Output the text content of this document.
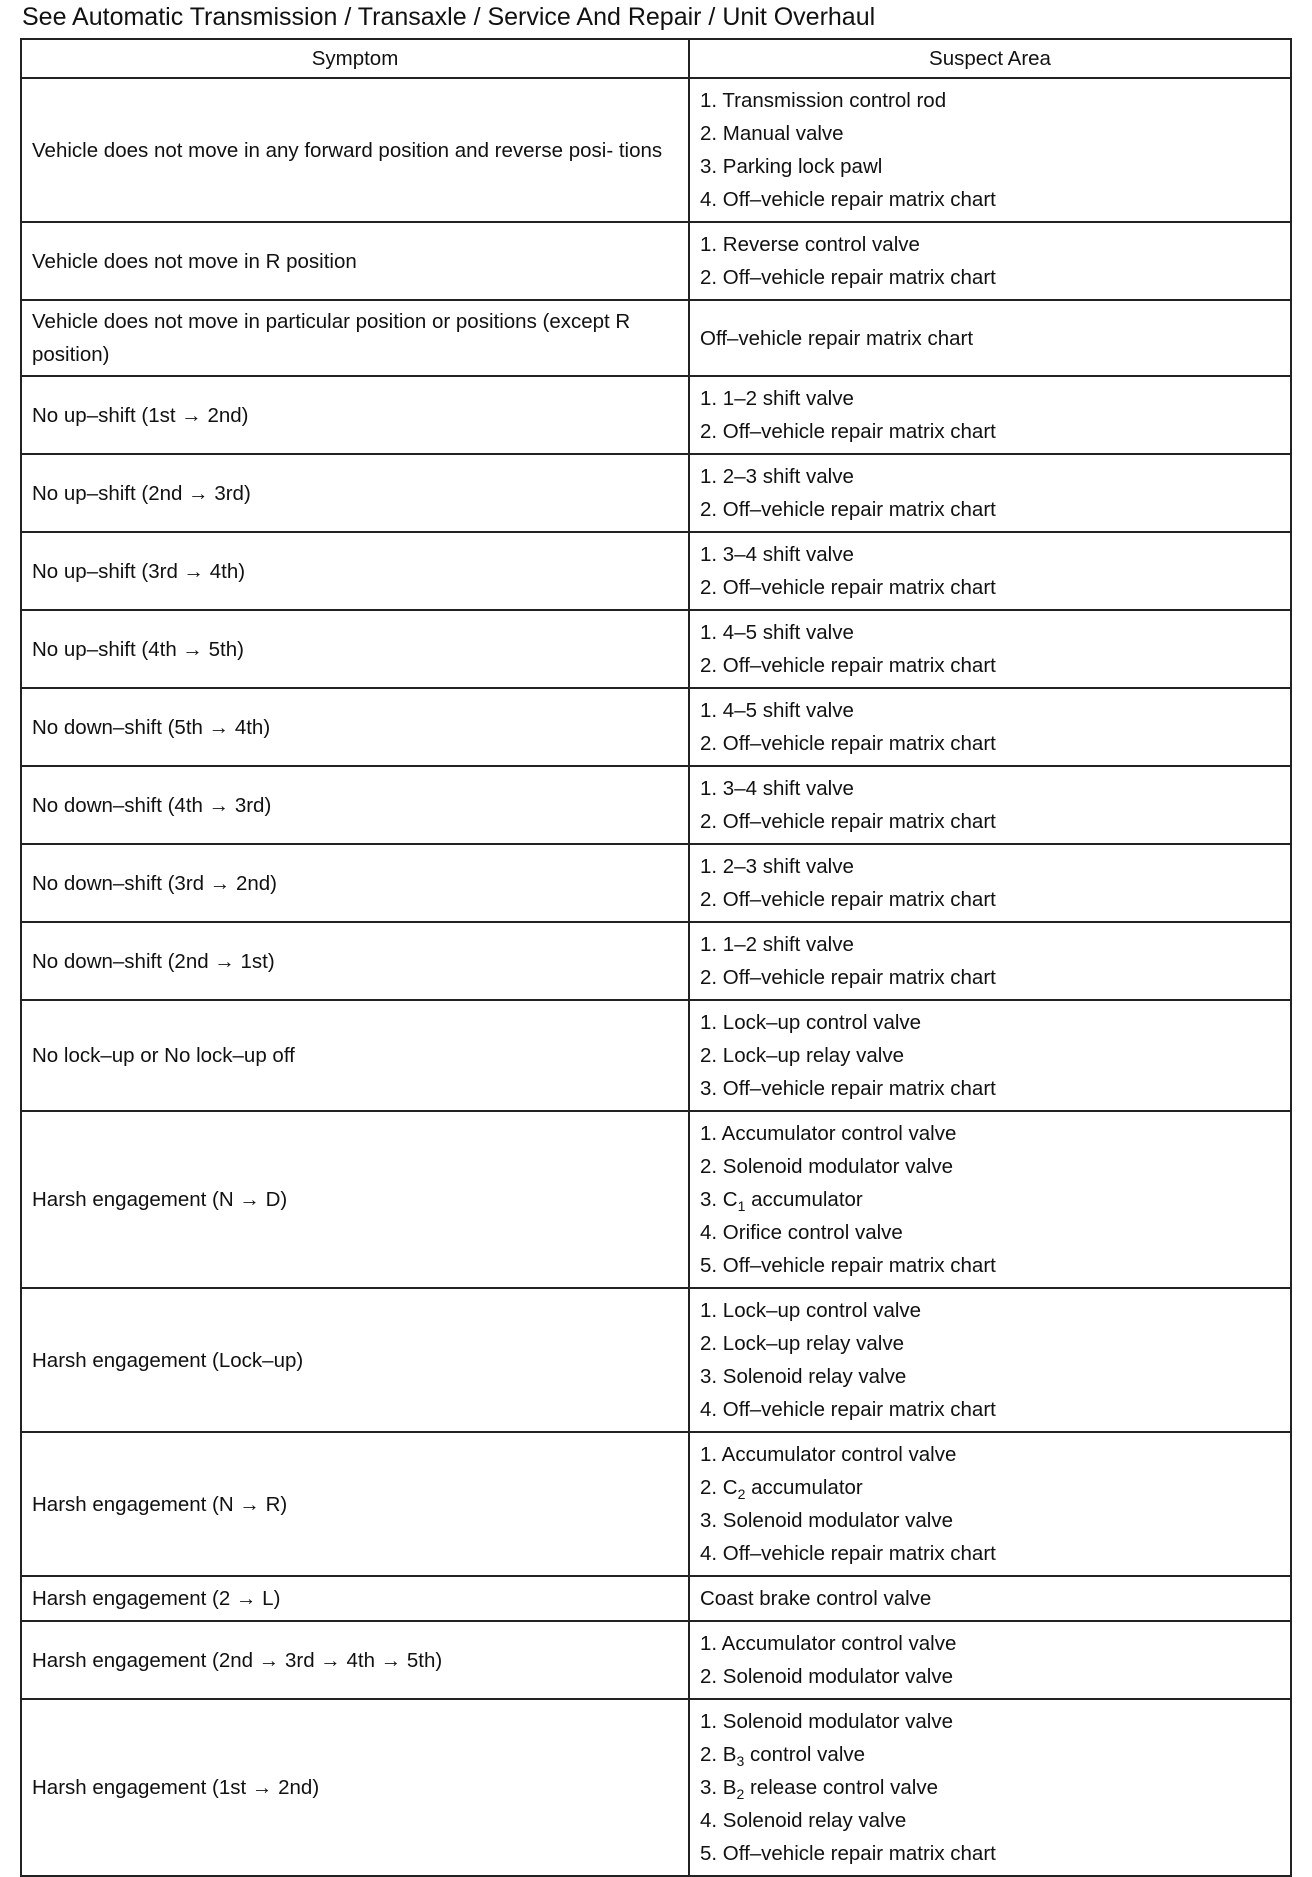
See Automatic Transmission / Transaxle / Service And Repair / Unit Overhaul
Symptom	Suspect Area
Vehicle does not move in any forward position and reverse posi- tions	1. Transmission control rod
2. Manual valve
3. Parking lock pawl
4. Off–vehicle repair matrix chart

Vehicle does not move in R position	1. Reverse control valve
2. Off–vehicle repair matrix chart

Vehicle does not move in particular position or positions (except R position)	Off–vehicle repair matrix chart

No up–shift (1st → 2nd)	1. 1–2 shift valve
2. Off–vehicle repair matrix chart

No up–shift (2nd → 3rd)	1. 2–3 shift valve
2. Off–vehicle repair matrix chart

No up–shift (3rd → 4th)	1. 3–4 shift valve
2. Off–vehicle repair matrix chart

No up–shift (4th → 5th)	1. 4–5 shift valve
2. Off–vehicle repair matrix chart

No down–shift (5th → 4th)	1. 4–5 shift valve
2. Off–vehicle repair matrix chart

No down–shift (4th → 3rd)	1. 3–4 shift valve
2. Off–vehicle repair matrix chart

No down–shift (3rd → 2nd)	1. 2–3 shift valve
2. Off–vehicle repair matrix chart

No down–shift (2nd → 1st)	1. 1–2 shift valve
2. Off–vehicle repair matrix chart

No lock–up or No lock–up off	1. Lock–up control valve
2. Lock–up relay valve
3. Off–vehicle repair matrix chart

Harsh engagement (N → D)	1. Accumulator control valve
2. Solenoid modulator valve
3. $C_1$ accumulator
4. Orifice control valve
5. Off–vehicle repair matrix chart

Harsh engagement (Lock–up)	1. Lock–up control valve
2. Lock–up relay valve
3. Solenoid relay valve
4. Off–vehicle repair matrix chart

Harsh engagement (N → R)	1. Accumulator control valve
2. $C_2$ accumulator
3. Solenoid modulator valve
4. Off–vehicle repair matrix chart

Harsh engagement (2 → L)	Coast brake control valve

Harsh engagement (2nd → 3rd → 4th → 5th)	1. Accumulator control valve
2. Solenoid modulator valve

Harsh engagement (1st → 2nd)	1. Solenoid modulator valve
2. $B_3$ control valve
3. $B_2$ release control valve
4. Solenoid relay valve
5. Off–vehicle repair matrix chart
